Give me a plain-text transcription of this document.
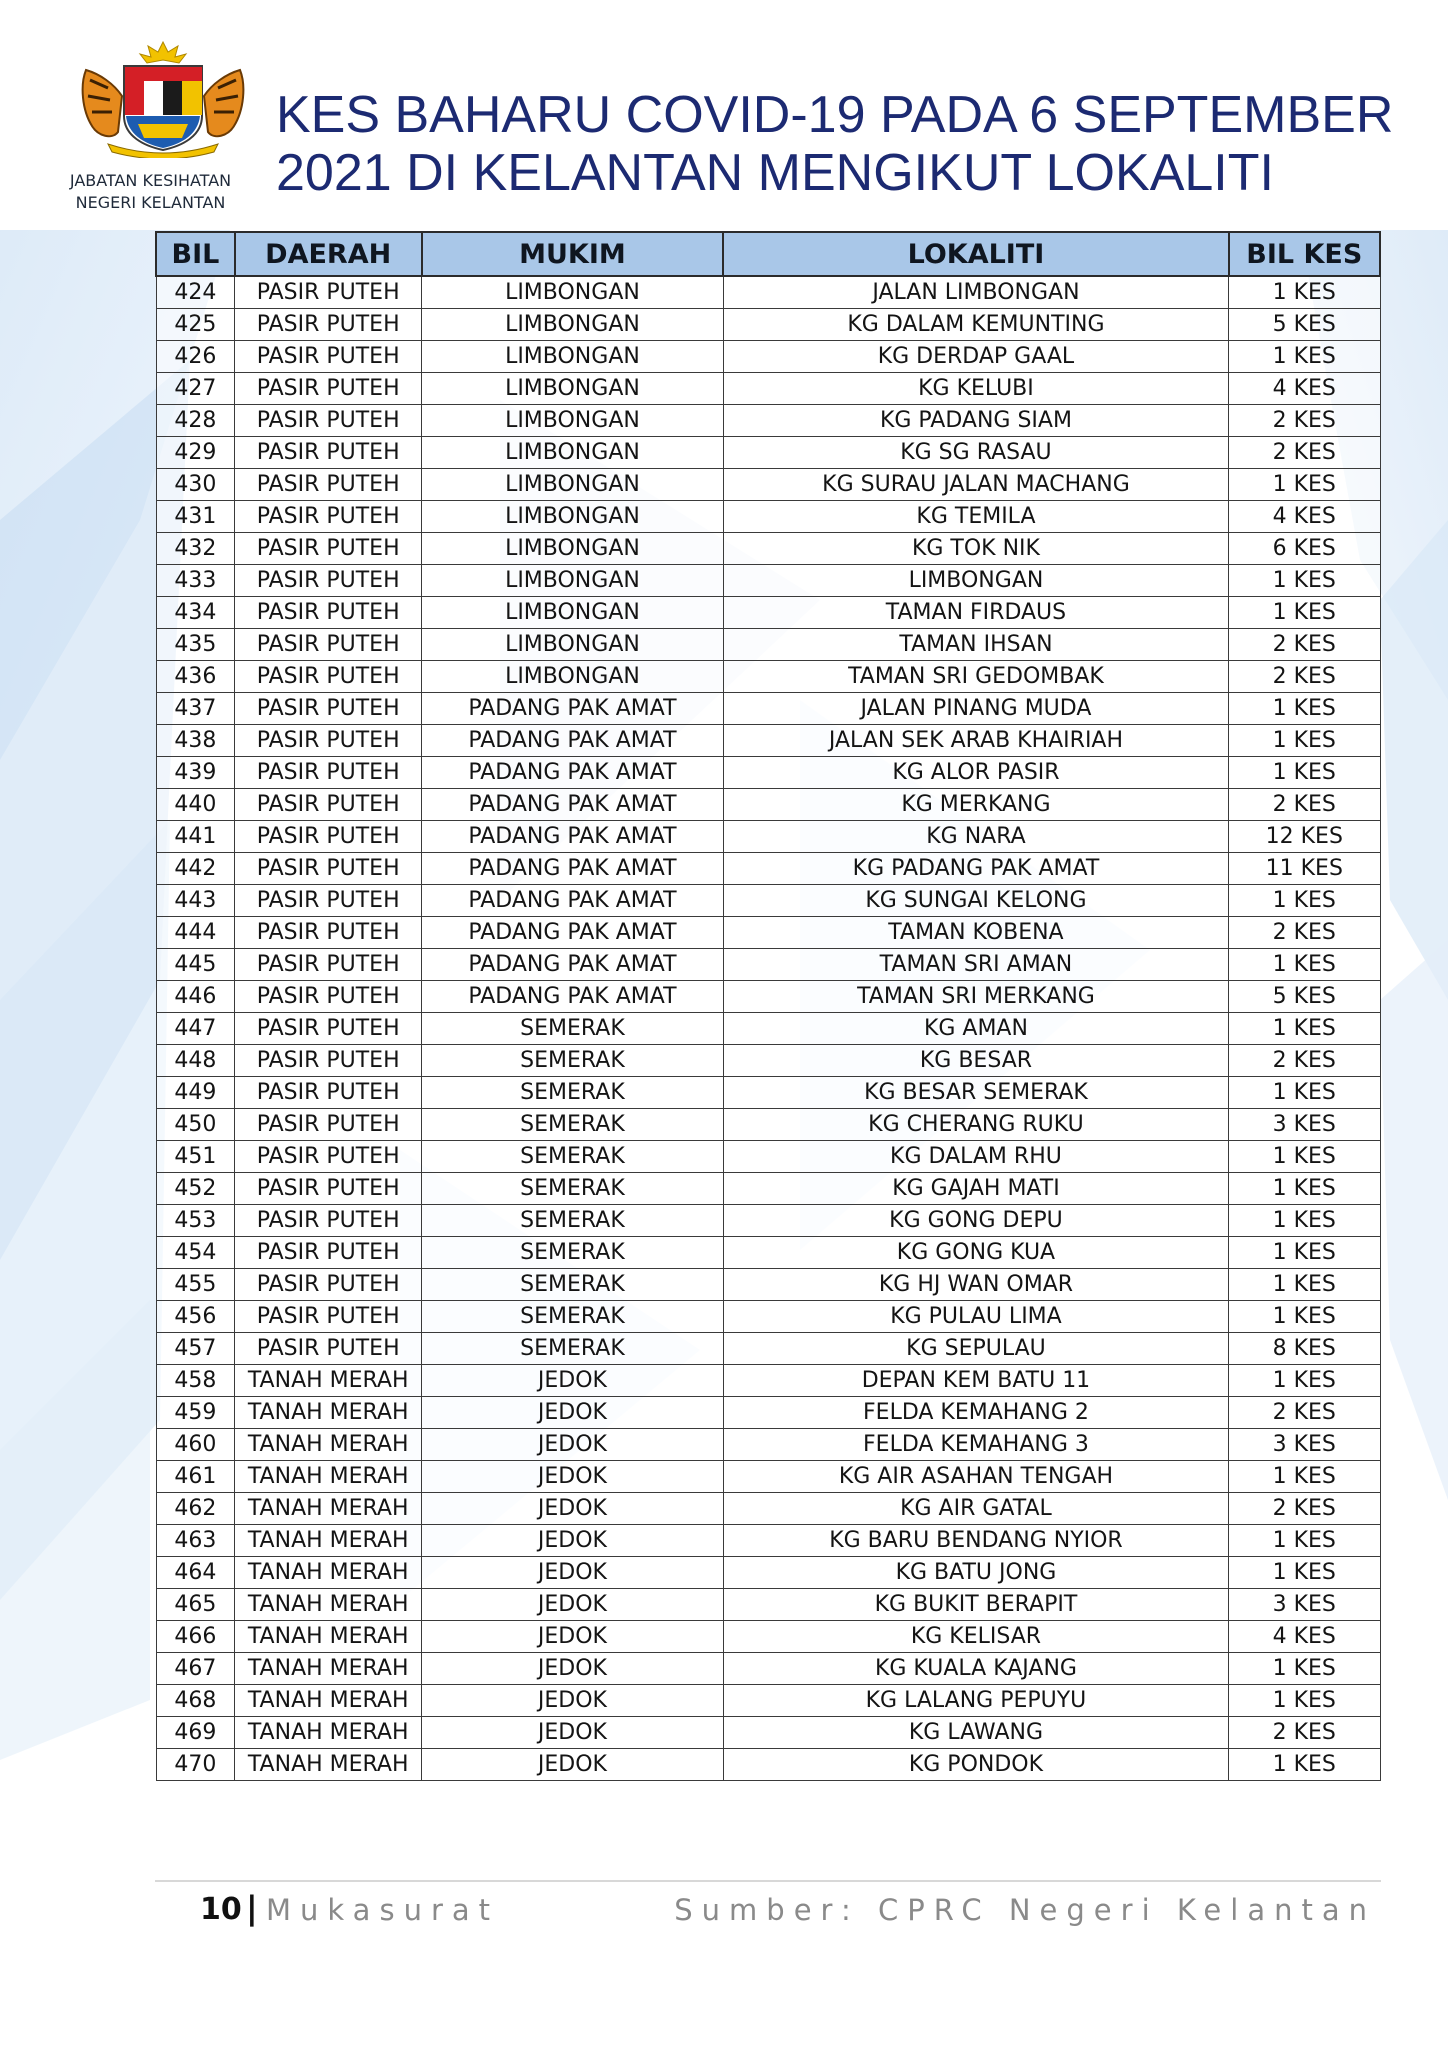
JABATAN KESIHATAN
NEGERI KELANTAN
KES BAHARU COVID-19 PADA 6 SEPTEMBER
2021 DI KELANTAN MENGIKUT LOKALITI
BIL	DAERAH	MUKIM	LOKALITI	BIL KES
424	PASIR PUTEH	LIMBONGAN	JALAN LIMBONGAN	1 KES
425	PASIR PUTEH	LIMBONGAN	KG DALAM KEMUNTING	5 KES
426	PASIR PUTEH	LIMBONGAN	KG DERDAP GAAL	1 KES
427	PASIR PUTEH	LIMBONGAN	KG KELUBI	4 KES
428	PASIR PUTEH	LIMBONGAN	KG PADANG SIAM	2 KES
429	PASIR PUTEH	LIMBONGAN	KG SG RASAU	2 KES
430	PASIR PUTEH	LIMBONGAN	KG SURAU JALAN MACHANG	1 KES
431	PASIR PUTEH	LIMBONGAN	KG TEMILA	4 KES
432	PASIR PUTEH	LIMBONGAN	KG TOK NIK	6 KES
433	PASIR PUTEH	LIMBONGAN	LIMBONGAN	1 KES
434	PASIR PUTEH	LIMBONGAN	TAMAN FIRDAUS	1 KES
435	PASIR PUTEH	LIMBONGAN	TAMAN IHSAN	2 KES
436	PASIR PUTEH	LIMBONGAN	TAMAN SRI GEDOMBAK	2 KES
437	PASIR PUTEH	PADANG PAK AMAT	JALAN PINANG MUDA	1 KES
438	PASIR PUTEH	PADANG PAK AMAT	JALAN SEK ARAB KHAIRIAH	1 KES
439	PASIR PUTEH	PADANG PAK AMAT	KG ALOR PASIR	1 KES
440	PASIR PUTEH	PADANG PAK AMAT	KG MERKANG	2 KES
441	PASIR PUTEH	PADANG PAK AMAT	KG NARA	12 KES
442	PASIR PUTEH	PADANG PAK AMAT	KG PADANG PAK AMAT	11 KES
443	PASIR PUTEH	PADANG PAK AMAT	KG SUNGAI KELONG	1 KES
444	PASIR PUTEH	PADANG PAK AMAT	TAMAN KOBENA	2 KES
445	PASIR PUTEH	PADANG PAK AMAT	TAMAN SRI AMAN	1 KES
446	PASIR PUTEH	PADANG PAK AMAT	TAMAN SRI MERKANG	5 KES
447	PASIR PUTEH	SEMERAK	KG AMAN	1 KES
448	PASIR PUTEH	SEMERAK	KG BESAR	2 KES
449	PASIR PUTEH	SEMERAK	KG BESAR SEMERAK	1 KES
450	PASIR PUTEH	SEMERAK	KG CHERANG RUKU	3 KES
451	PASIR PUTEH	SEMERAK	KG DALAM RHU	1 KES
452	PASIR PUTEH	SEMERAK	KG GAJAH MATI	1 KES
453	PASIR PUTEH	SEMERAK	KG GONG DEPU	1 KES
454	PASIR PUTEH	SEMERAK	KG GONG KUA	1 KES
455	PASIR PUTEH	SEMERAK	KG HJ WAN OMAR	1 KES
456	PASIR PUTEH	SEMERAK	KG PULAU LIMA	1 KES
457	PASIR PUTEH	SEMERAK	KG SEPULAU	8 KES
458	TANAH MERAH	JEDOK	DEPAN KEM BATU 11	1 KES
459	TANAH MERAH	JEDOK	FELDA KEMAHANG 2	2 KES
460	TANAH MERAH	JEDOK	FELDA KEMAHANG 3	3 KES
461	TANAH MERAH	JEDOK	KG AIR ASAHAN TENGAH	1 KES
462	TANAH MERAH	JEDOK	KG AIR GATAL	2 KES
463	TANAH MERAH	JEDOK	KG BARU BENDANG NYIOR	1 KES
464	TANAH MERAH	JEDOK	KG BATU JONG	1 KES
465	TANAH MERAH	JEDOK	KG BUKIT BERAPIT	3 KES
466	TANAH MERAH	JEDOK	KG KELISAR	4 KES
467	TANAH MERAH	JEDOK	KG KUALA KAJANG	1 KES
468	TANAH MERAH	JEDOK	KG LALANG PEPUYU	1 KES
469	TANAH MERAH	JEDOK	KG LAWANG	2 KES
470	TANAH MERAH	JEDOK	KG PONDOK	1 KES
10 | Mukasurat	Sumber: CPRC Negeri Kelantan
